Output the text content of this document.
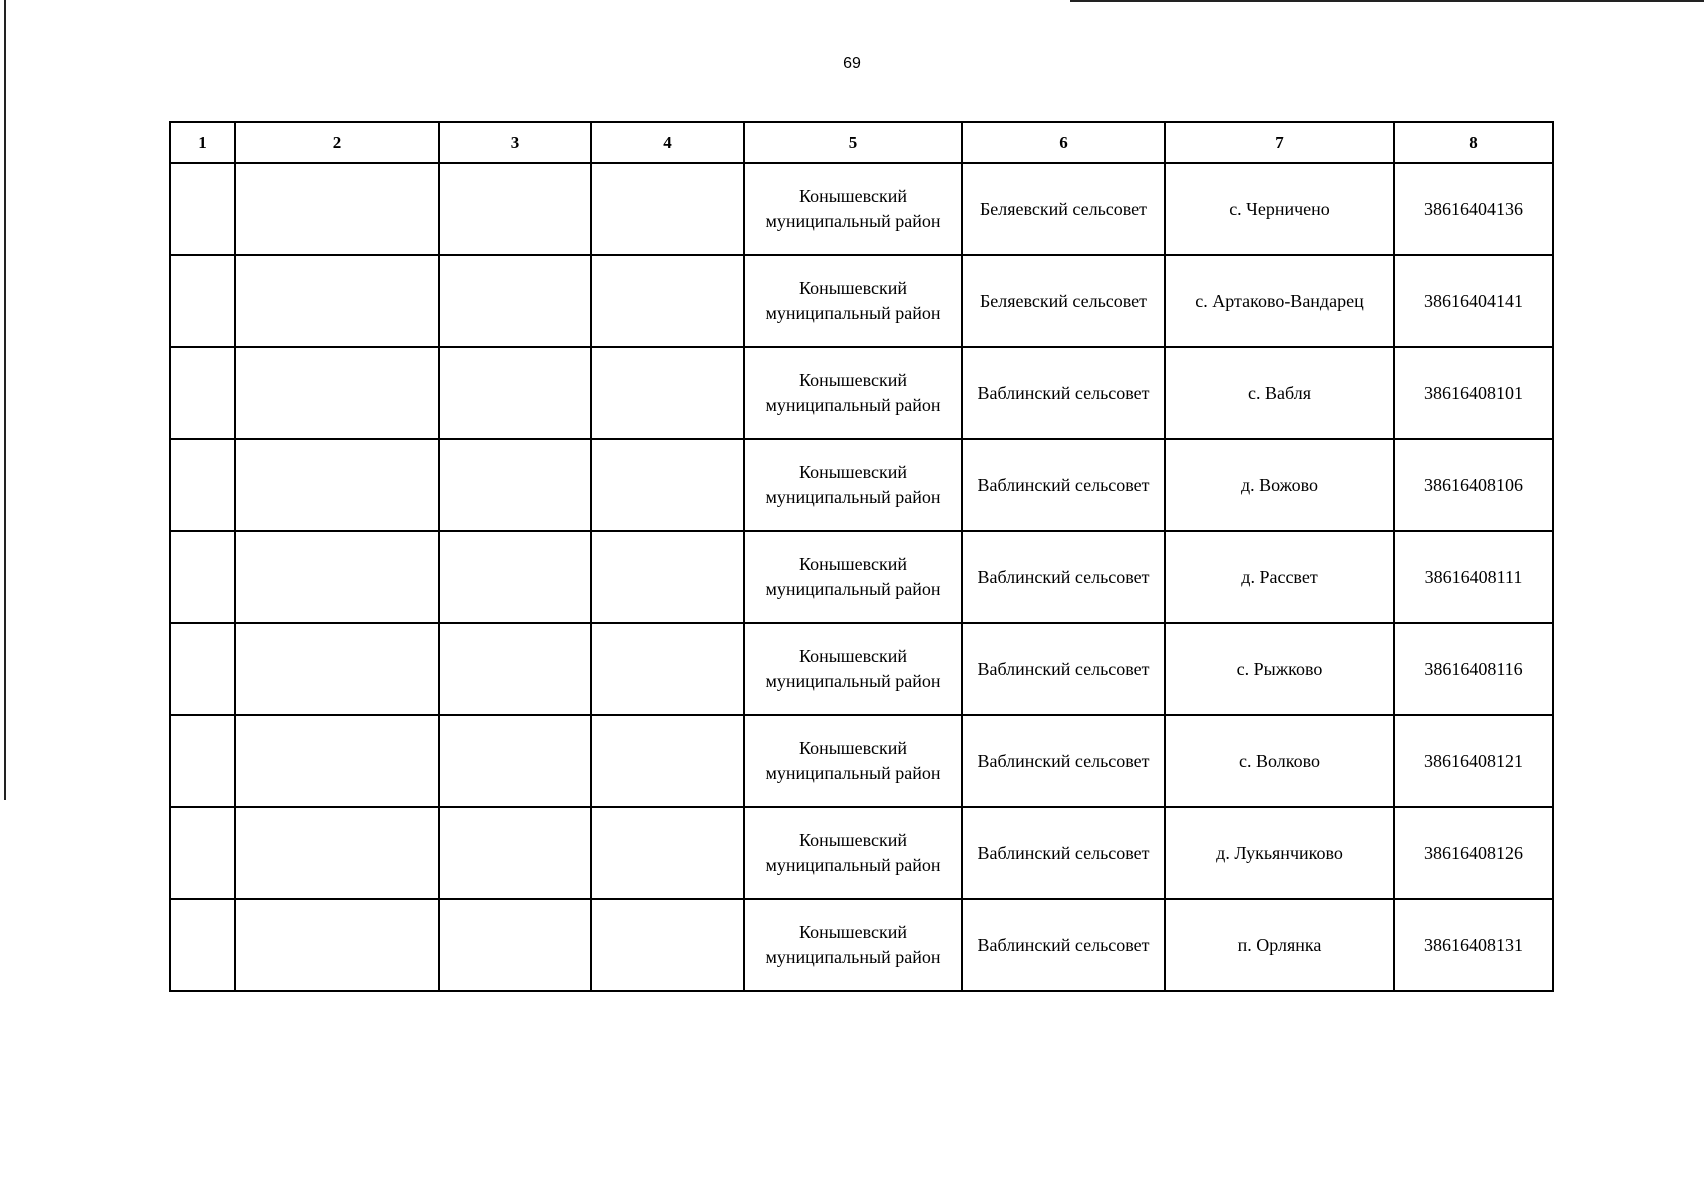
69
1	2	3	4	5	6	7	8
				Конышевский муниципальный район	Беляевский сельсовет	с. Черничено	38616404136
				Конышевский муниципальный район	Беляевский сельсовет	с. Артаково-Вандарец	38616404141
				Конышевский муниципальный район	Ваблинский сельсовет	с. Вабля	38616408101
				Конышевский муниципальный район	Ваблинский сельсовет	д. Вожово	38616408106
				Конышевский муниципальный район	Ваблинский сельсовет	д. Рассвет	38616408111
				Конышевский муниципальный район	Ваблинский сельсовет	с. Рыжково	38616408116
				Конышевский муниципальный район	Ваблинский сельсовет	с. Волково	38616408121
				Конышевский муниципальный район	Ваблинский сельсовет	д. Лукьянчиково	38616408126
				Конышевский муниципальный район	Ваблинский сельсовет	п. Орлянка	38616408131
